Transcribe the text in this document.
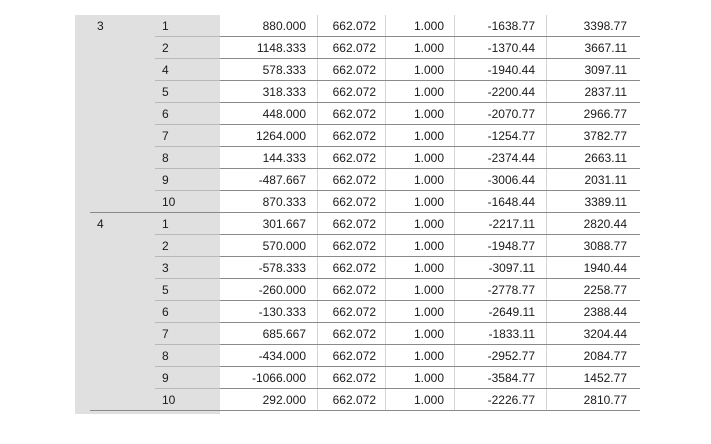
3	1	880.000	662.072	1.000	-1638.77	3398.77
2	1148.333	662.072	1.000	-1370.44	3667.11
4	578.333	662.072	1.000	-1940.44	3097.11
5	318.333	662.072	1.000	-2200.44	2837.11
6	448.000	662.072	1.000	-2070.77	2966.77
7	1264.000	662.072	1.000	-1254.77	3782.77
8	144.333	662.072	1.000	-2374.44	2663.11
9	-487.667	662.072	1.000	-3006.44	2031.11
10	870.333	662.072	1.000	-1648.44	3389.11
4	1	301.667	662.072	1.000	-2217.11	2820.44
2	570.000	662.072	1.000	-1948.77	3088.77
3	-578.333	662.072	1.000	-3097.11	1940.44
5	-260.000	662.072	1.000	-2778.77	2258.77
6	-130.333	662.072	1.000	-2649.11	2388.44
7	685.667	662.072	1.000	-1833.11	3204.44
8	-434.000	662.072	1.000	-2952.77	2084.77
9	-1066.000	662.072	1.000	-3584.77	1452.77
10	292.000	662.072	1.000	-2226.77	2810.77
